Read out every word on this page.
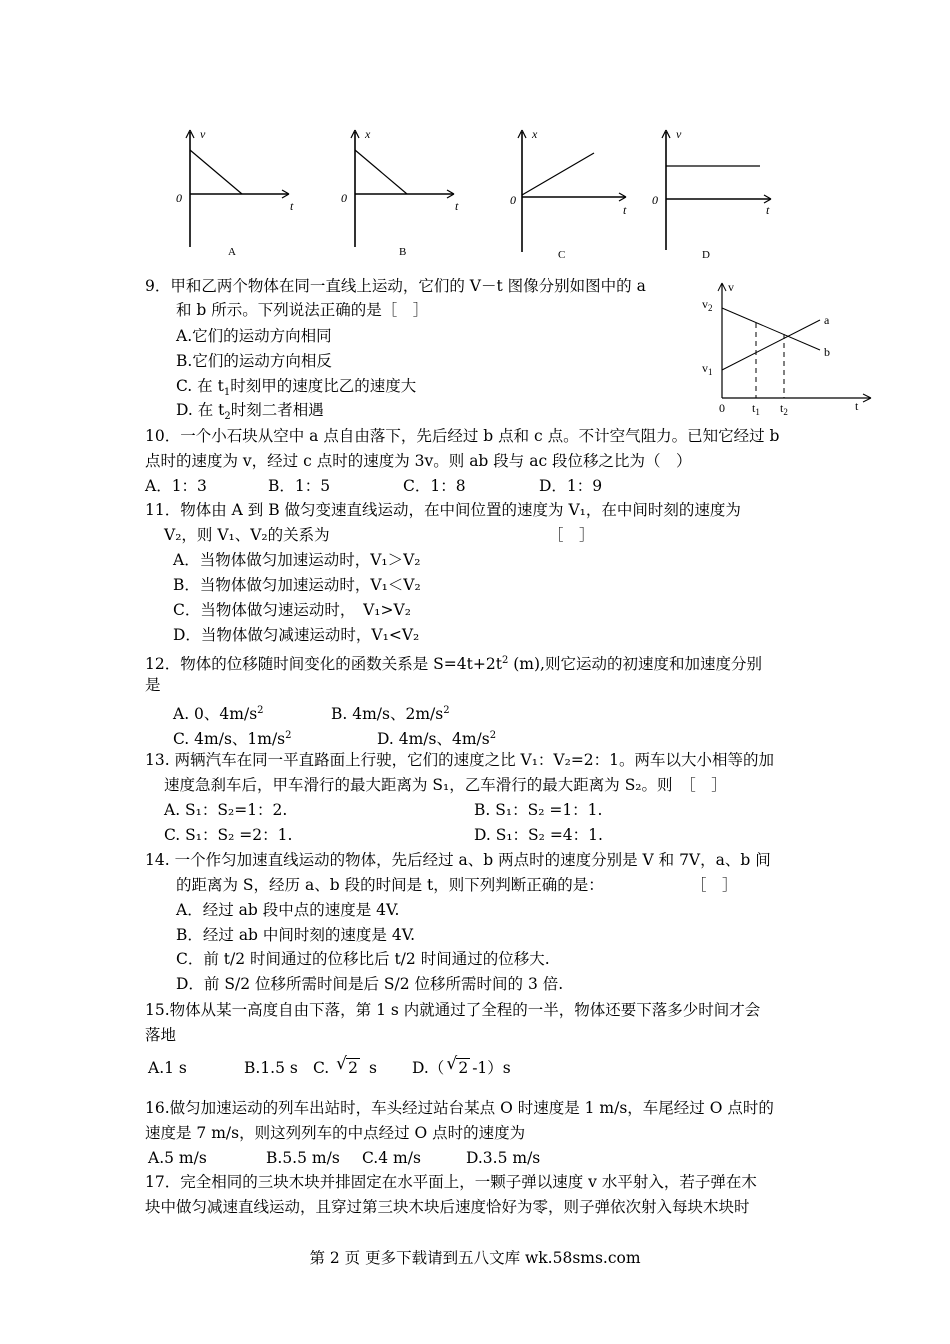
v
0
t
A
x
0
t
B
x
0
t
C
v
0
t
D
v
$v_2$
$v_1$
0 $t_1$ $t_2$	t
a
b
9．甲和乙两个物体在同一直线上运动，它们的 V－t 图像分别如图中的 a
和 b 所示。下列说法正确的是［　］
A.它们的运动方向相同
B.它们的运动方向相反
C. 在 $t_1$时刻甲的速度比乙的速度大
D. 在 $t_2$时刻二者相遇
10．一个小石块从空中 a 点自由落下，先后经过 b 点和 c 点。不计空气阻力。已知它经过 b
点时的速度为 v，经过 c 点时的速度为 3v。则 ab 段与 ac 段位移之比为（　）
A．1：3	B．1：5	C．1：8	D．1：9
11．物体由 A 到 B 做匀变速直线运动，在中间位置的速度为 V₁，在中间时刻的速度为
V₂，则 V₁、V₂的关系为	［　］
A．当物体做匀加速运动时，V₁＞V₂
B．当物体做匀加速运动时，V₁＜V₂
C．当物体做匀速运动时，　V₁>V₂
D．当物体做匀减速运动时，V₁<V₂
12．物体的位移随时间变化的函数关系是 $S=4t+2t^2$ (m),则它运动的初速度和加速度分别
是
A. 0、$4m/s^2$	B. 4m/s、$2m/s^2$
C. 4m/s、$1m/s^2$	D. 4m/s、$4m/s^2$
13. 两辆汽车在同一平直路面上行驶，它们的速度之比 V₁：V₂=2：1。两车以大小相等的加
速度急刹车后，甲车滑行的最大距离为 S₁，乙车滑行的最大距离为 S₂。则　［　］
A. S₁：S₂=1：2.	B. S₁：S₂ =1：1.
C. S₁：S₂ =2：1.	D. S₁：S₂ =4：1.
14. 一个作匀加速直线运动的物体，先后经过 a、b 两点时的速度分别是 V 和 7V，a、b 间
的距离为 S，经历 a、b 段的时间是 t，则下列判断正确的是：	［　］
A．经过 ab 段中点的速度是 4V.
B．经过 ab 中间时刻的速度是 4V.
C．前 t/2 时间通过的位移比后 t/2 时间通过的位移大.
D．前 S/2 位移所需时间是后 S/2 位移所需时间的 3 倍.
15.物体从某一高度自由下落，第 1 s 内就通过了全程的一半，物体还要下落多少时间才会
落地
A.1 s	B.1.5 s C. √ 2 s D.（ √ 2 -1）s
16.做匀加速运动的列车出站时，车头经过站台某点 O 时速度是 1 m/s，车尾经过 O 点时的
速度是 7 m/s，则这列列车的中点经过 O 点时的速度为
A.5 m/s	B.5.5 m/s C.4 m/s	D.3.5 m/s
17．完全相同的三块木块并排固定在水平面上，一颗子弹以速度 v 水平射入，若子弹在木
块中做匀减速直线运动，且穿过第三块木块后速度恰好为零，则子弹依次射入每块木块时
第 2 页 更多下载请到五八文库 wk.58sms.com
